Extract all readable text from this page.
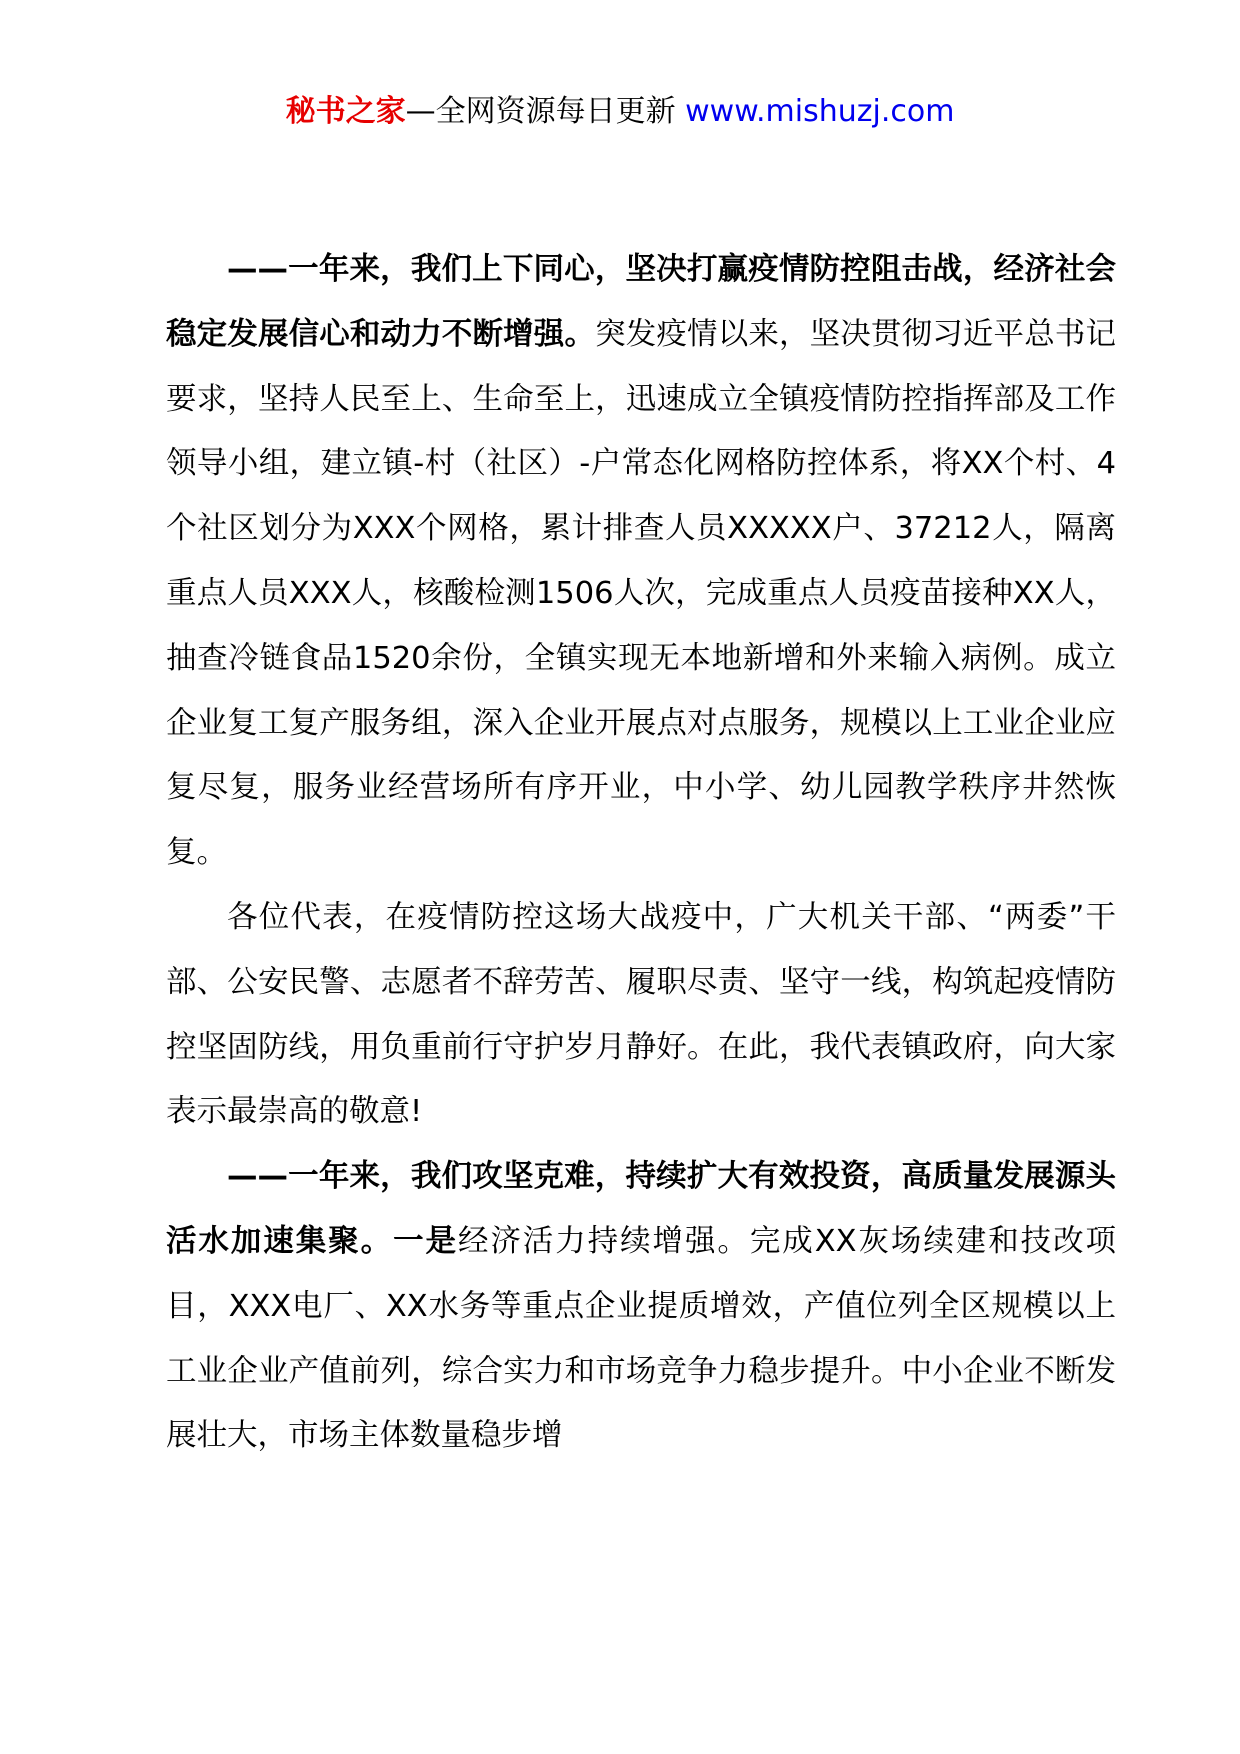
秘书之家—全网资源每日更新 www.mishuzj.com

——一年来，我们上下同心，坚决打赢疫情防控阻击战，经济社会稳定发展信心和动力不断增强。突发疫情以来，坚决贯彻习近平总书记要求，坚持人民至上、生命至上，迅速成立全镇疫情防控指挥部及工作领导小组，建立镇-村（社区）-户常态化网格防控体系，将XX个村、4个社区划分为XXX个网格，累计排查人员XXXXX户、37212人，隔离重点人员XXX人，核酸检测1506人次，完成重点人员疫苗接种XX人，抽查冷链食品1520余份，全镇实现无本地新增和外来输入病例。成立企业复工复产服务组，深入企业开展点对点服务，规模以上工业企业应复尽复，服务业经营场所有序开业，中小学、幼儿园教学秩序井然恢复。

各位代表，在疫情防控这场大战疫中，广大机关干部、“两委”干部、公安民警、志愿者不辞劳苦、履职尽责、坚守一线，构筑起疫情防控坚固防线，用负重前行守护岁月静好。在此，我代表镇政府，向大家表示最崇高的敬意!

——一年来，我们攻坚克难，持续扩大有效投资，高质量发展源头活水加速集聚。一是经济活力持续增强。完成XX灰场续建和技改项目，XXX电厂、XX水务等重点企业提质增效，产值位列全区规模以上工业企业产值前列，综合实力和市场竞争力稳步提升。中小企业不断发展壮大，市场主体数量稳步增
